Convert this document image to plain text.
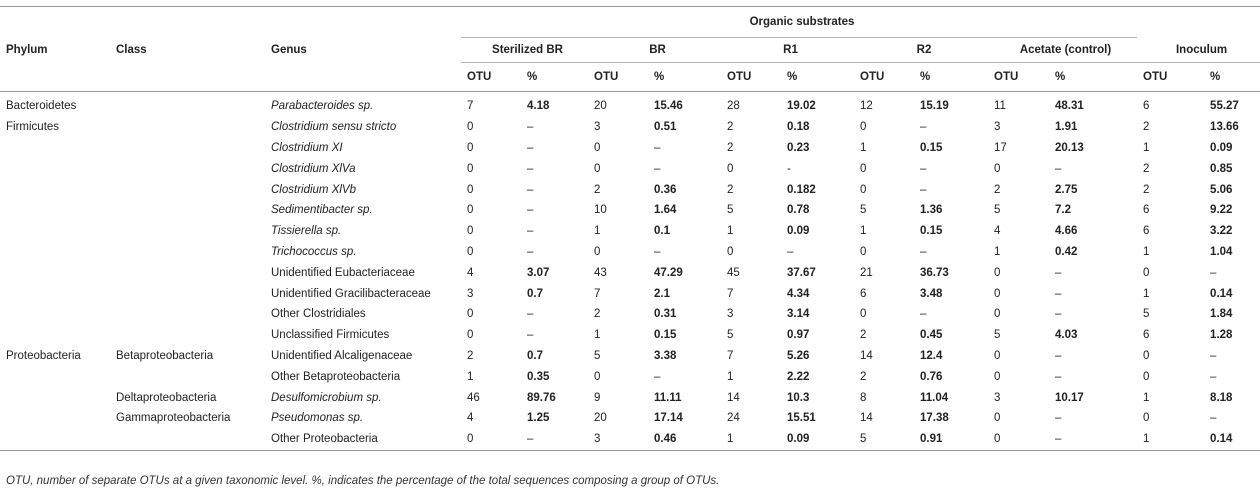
			Organic substrates											
Phylum	Class	Genus	Sterilized BR		BR		R1		R2		Acetate (control)		Inoculum	
			OTU	%	OTU	%	OTU	%	OTU	%	OTU	%	OTU	%
Bacteroidetes		Parabacteroides sp.	7	4.18	20	15.46	28	19.02	12	15.19	11	48.31	6	55.27
Firmicutes		Clostridium sensu stricto	0	–	3	0.51	2	0.18	0	–	3	1.91	2	13.66
		Clostridium XI	0	–	0	–	2	0.23	1	0.15	17	20.13	1	0.09
		Clostridium XlVa	0	–	0	–	0	-	0	–	0	–	2	0.85
		Clostridium XlVb	0	–	2	0.36	2	0.182	0	–	2	2.75	2	5.06
		Sedimentibacter sp.	0	–	10	1.64	5	0.78	5	1.36	5	7.2	6	9.22
		Tissierella sp.	0	–	1	0.1	1	0.09	1	0.15	4	4.66	6	3.22
		Trichococcus sp.	0	–	0	–	0	–	0	–	1	0.42	1	1.04
		Unidentified Eubacteriaceae	4	3.07	43	47.29	45	37.67	21	36.73	0	–	0	–
		Unidentified Gracilibacteraceae	3	0.7	7	2.1	7	4.34	6	3.48	0	–	1	0.14
		Other Clostridiales	0	–	2	0.31	3	3.14	0	–	0	–	5	1.84
		Unclassified Firmicutes	0	–	1	0.15	5	0.97	2	0.45	5	4.03	6	1.28
Proteobacteria	Betaproteobacteria	Unidentified Alcaligenaceae	2	0.7	5	3.38	7	5.26	14	12.4	0	–	0	–
		Other Betaproteobacteria	1	0.35	0	–	1	2.22	2	0.76	0	–	0	–
	Deltaproteobacteria	Desulfomicrobium sp.	46	89.76	9	11.11	14	10.3	8	11.04	3	10.17	1	8.18
	Gammaproteobacteria	Pseudomonas sp.	4	1.25	20	17.14	24	15.51	14	17.38	0	–	0	–
		Other Proteobacteria	0	–	3	0.46	1	0.09	5	0.91	0	–	1	0.14
OTU, number of separate OTUs at a given taxonomic level. %, indicates the percentage of the total sequences composing a group of OTUs.
